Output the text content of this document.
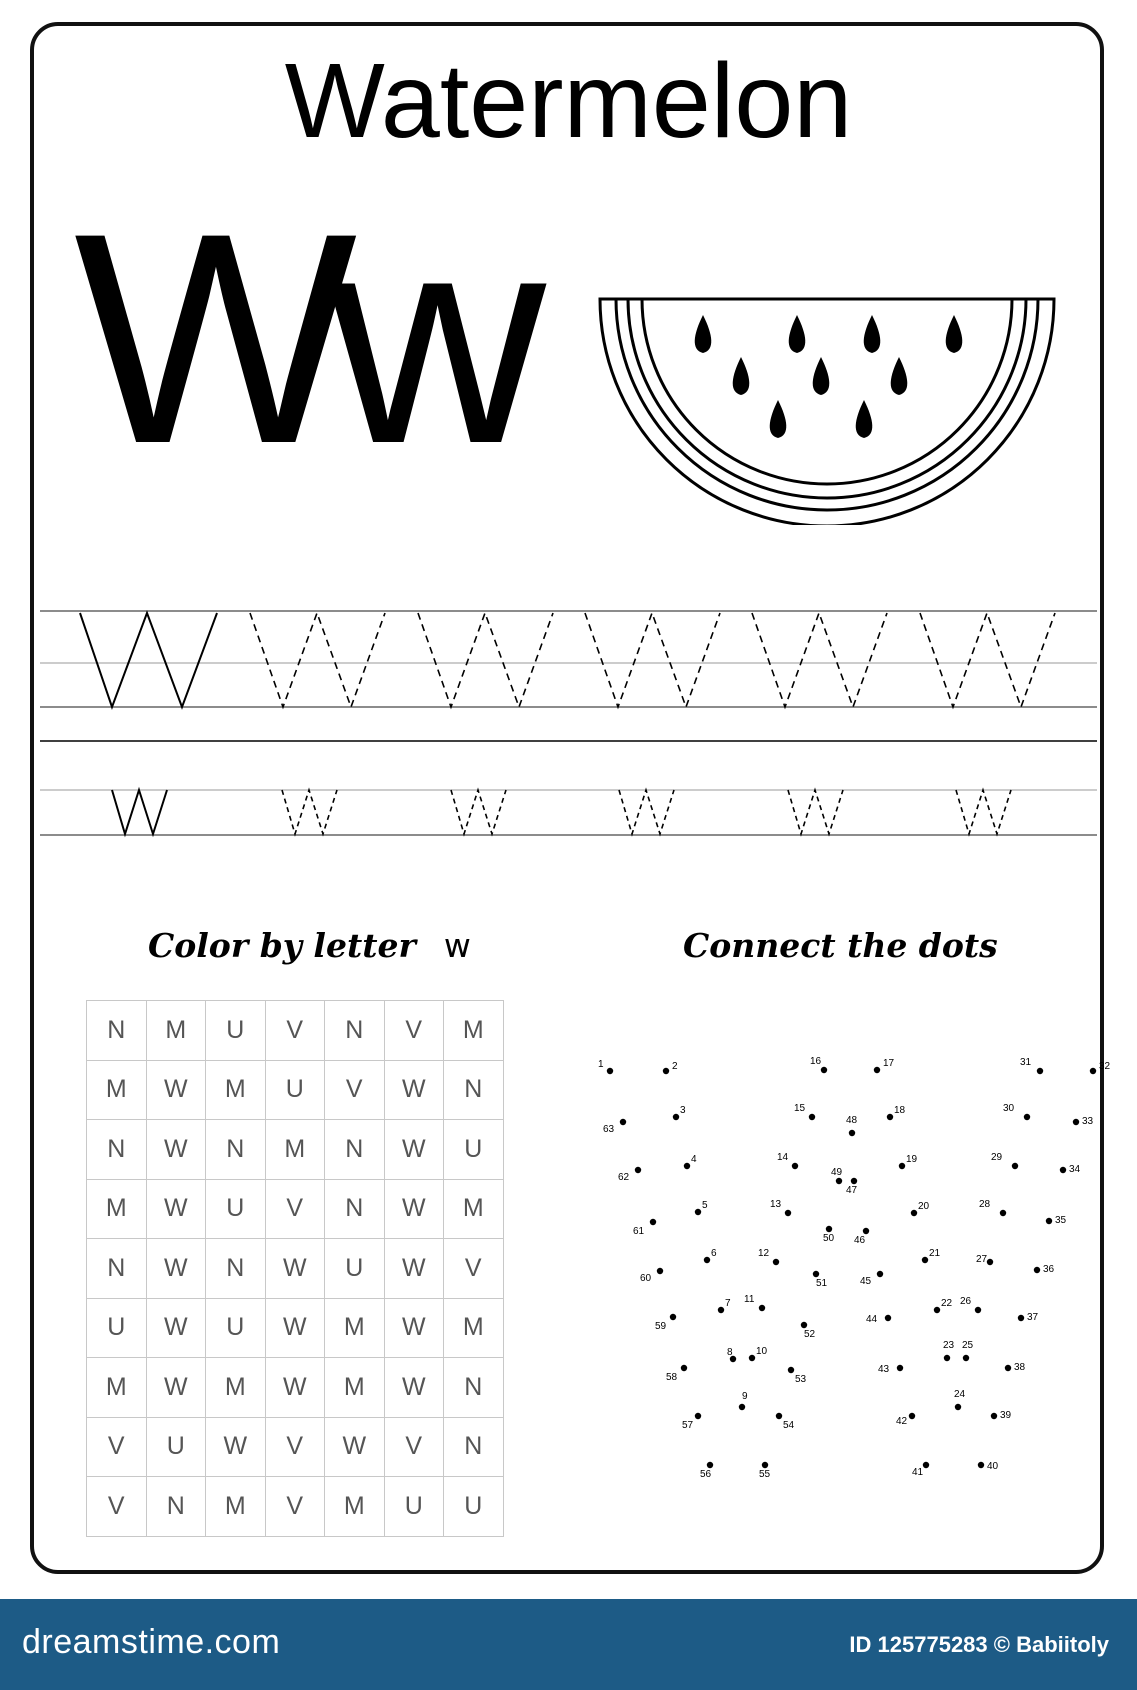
Watermelon
Ww
Color by letter w	Connect the dots
N	M	U	V	N	V	M
M	W	M	U	V	W	N
N	W	N	M	N	W	U
M	W	U	V	N	W	M
N	W	N	W	U	W	V
U	W	U	W	M	W	M
M	W	M	W	M	W	N
V	U	W	V	W	V	N
V	N	M	V	M	U	U
1	2
3
4
5
6
7
8
9
10
11
12
13
14
15
16	17
18
19
20
21
22
23
24
25
26
27
28
29
30
31	32
33
34
35
36
37
38
39
40
41
42
43
44
45
46
47
48
49
50
51
52
53
54
55
56
57
58
59
60
61
62
63
dreamstime.com	ID 125775283 © Babiitoly
